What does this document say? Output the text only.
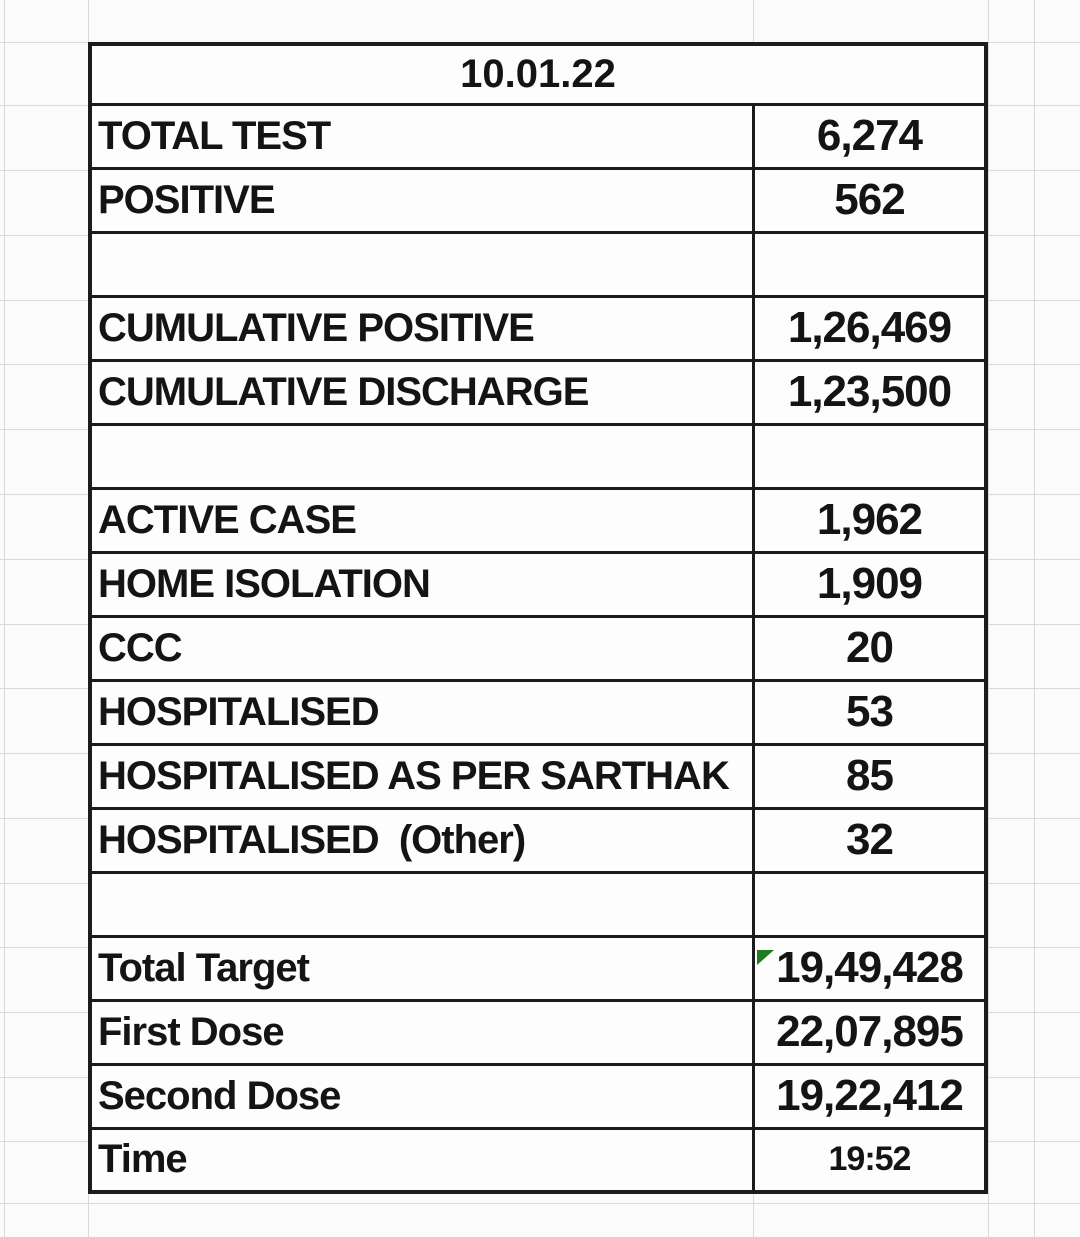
10.01.22	
TOTAL TEST	6,274
POSITIVE	562

CUMULATIVE POSITIVE	1,26,469
CUMULATIVE DISCHARGE	1,23,500

ACTIVE CASE	1,962
HOME ISOLATION	1,909
CCC	20
HOSPITALISED	53
HOSPITALISED AS PER SARTHAK	85
HOSPITALISED  (Other)	32

Total Target	19,49,428
First Dose	22,07,895
Second Dose	19,22,412
Time	19:52
